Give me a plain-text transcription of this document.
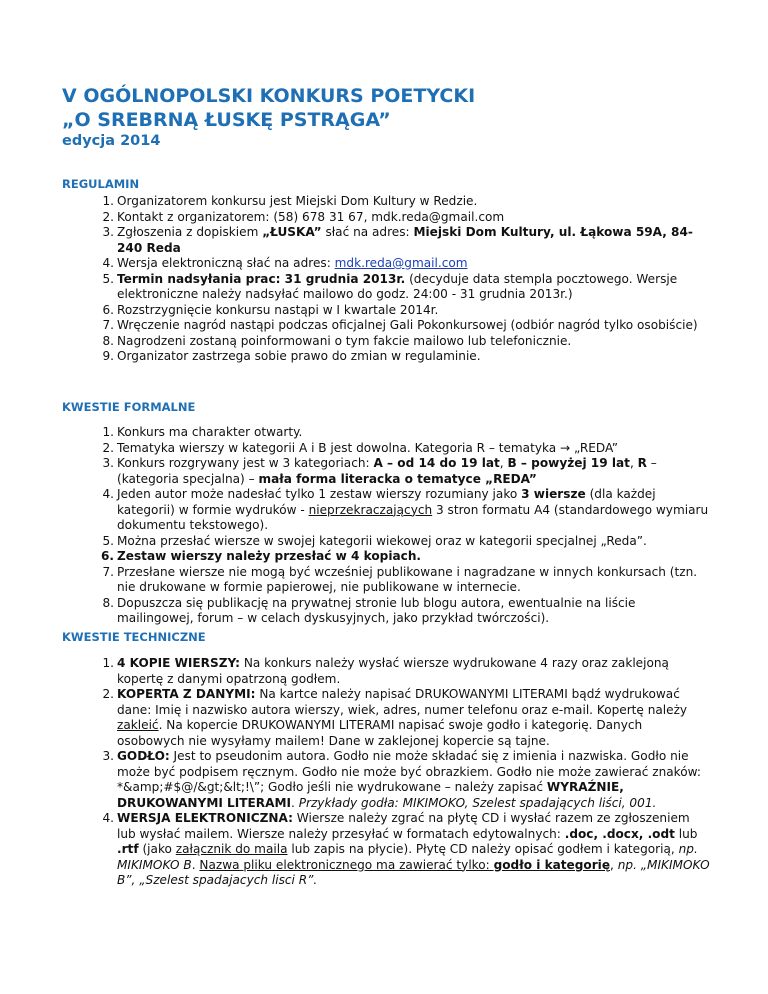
V OGÓLNOPOLSKI KONKURS POETYCKI
„O SREBRNĄ ŁUSKĘ PSTRĄGA”

edycja 2014

REGULAMIN
1. Organizatorem konkursu jest Miejski Dom Kultury w Redzie.
2. Kontakt z organizatorem: (58) 678 31 67, mdk.reda@gmail.com
3. Zgłoszenia z dopiskiem „ŁUSKA” słać na adres: Miejski Dom Kultury, ul. Łąkowa 59A, 84-240 Reda
4. Wersja elektroniczną słać na adres: mdk.reda@gmail.com
5. Termin nadsyłania prac: 31 grudnia 2013r. (decyduje data stempla pocztowego. Wersje elektroniczne należy nadsyłać mailowo do godz. 24:00 - 31 grudnia 2013r.)
6. Rozstrzygnięcie konkursu nastąpi w I kwartale 2014r.
7. Wręczenie nagród nastąpi podczas oficjalnej Gali Pokonkursowej (odbiór nagród tylko osobiście)
8. Nagrodzeni zostaną poinformowani o tym fakcie mailowo lub telefonicznie.
9. Organizator zastrzega sobie prawo do zmian w regulaminie.
KWESTIE FORMALNE
1. Konkurs ma charakter otwarty.
2. Tematyka wierszy w kategorii A i B jest dowolna. Kategoria R – tematyka → „REDA”
3. Konkurs rozgrywany jest w 3 kategoriach: A – od 14 do 19 lat, B – powyżej 19 lat, R – (kategoria specjalna) – mała forma literacka o tematyce „REDA”
4. Jeden autor może nadesłać tylko 1 zestaw wierszy rozumiany jako 3 wiersze (dla każdej kategorii) w formie wydruków - nieprzekraczających 3 stron formatu A4 (standardowego wymiaru dokumentu tekstowego).
5. Można przesłać wiersze w swojej kategorii wiekowej oraz w kategorii specjalnej „Reda”.
6. Zestaw wierszy należy przesłać w 4 kopiach.
7. Przesłane wiersze nie mogą być wcześniej publikowane i nagradzane w innych konkursach (tzn. nie drukowane w formie papierowej, nie publikowane w internecie.
8. Dopuszcza się publikację na prywatnej stronie lub blogu autora, ewentualnie na liście mailingowej, forum – w celach dyskusyjnych, jako przykład twórczości).
KWESTIE TECHNICZNE
1. 4 KOPIE WIERSZY: Na konkurs należy wysłać wiersze wydrukowane 4 razy oraz zaklejoną kopertę z danymi opatrzoną godłem.
2. KOPERTA Z DANYMI: Na kartce należy napisać DRUKOWANYMI LITERAMI bądź wydrukować dane: Imię i nazwisko autora wierszy, wiek, adres, numer telefonu oraz e-mail. Kopertę należy zakleić. Na kopercie DRUKOWANYMI LITERAMI napisać swoje godło i kategorię. Danych osobowych nie wysyłamy mailem! Dane w zaklejonej kopercie są tajne.
3. GODŁO: Jest to pseudonim autora. Godło nie może składać się z imienia i nazwiska. Godło nie może być podpisem ręcznym. Godło nie może być obrazkiem. Godło nie może zawierać znaków: *&amp;#$@/&gt;&lt;!\”; Godło jeśli nie wydrukowane – należy zapisać WYRAŹNIE, DRUKOWANYMI LITERAMI. Przykłady godła: MIKIMOKO, Szelest spadających liści, 001.
4. WERSJA ELEKTRONICZNA: Wiersze należy zgrać na płytę CD i wysłać razem ze zgłoszeniem lub wysłać mailem. Wiersze należy przesyłać w formatach edytowalnych: .doc, .docx, .odt lub .rtf (jako załącznik do maila lub zapis na płycie). Płytę CD należy opisać godłem i kategorią, np. MIKIMOKO B. Nazwa pliku elektronicznego ma zawierać tylko: godło i kategorię, np. „MIKIMOKO B”, „Szelest spadajacych lisci R”.
